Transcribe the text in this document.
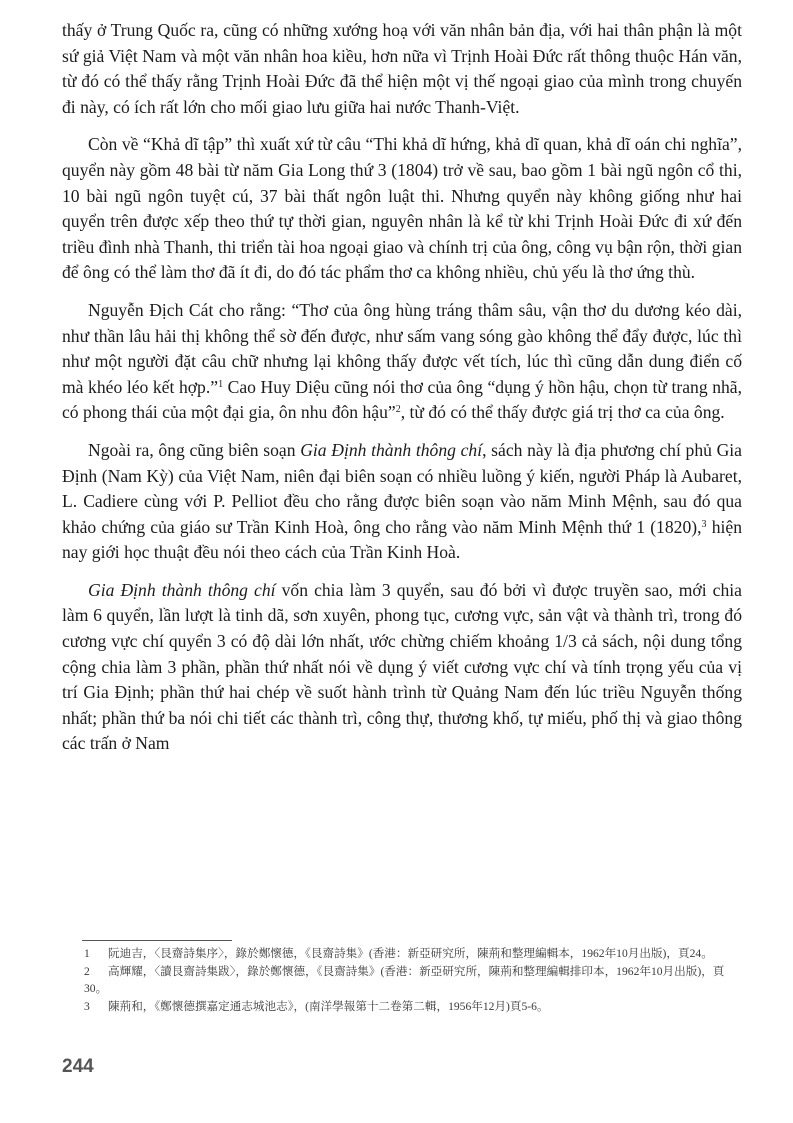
thấy ở Trung Quốc ra, cũng có những xướng hoạ với văn nhân bản địa, với hai thân phận là một sứ giả Việt Nam và một văn nhân hoa kiều, hơn nữa vì Trịnh Hoài Đức rất thông thuộc Hán văn, từ đó có thể thấy rằng Trịnh Hoài Đức đã thể hiện một vị thế ngoại giao của mình trong chuyến đi này, có ích rất lớn cho mối giao lưu giữa hai nước Thanh-Việt.

Còn về “Khả dĩ tập” thì xuất xứ từ câu “Thi khả dĩ hứng, khả dĩ quan, khả dĩ oán chi nghĩa”, quyển này gồm 48 bài từ năm Gia Long thứ 3 (1804) trở về sau, bao gồm 1 bài ngũ ngôn cổ thi, 10 bài ngũ ngôn tuyệt cú, 37 bài thất ngôn luật thi. Nhưng quyển này không giống như hai quyển trên được xếp theo thứ tự thời gian, nguyên nhân là kể từ khi Trịnh Hoài Đức đi xứ đến triều đình nhà Thanh, thi triển tài hoa ngoại giao và chính trị của ông, công vụ bận rộn, thời gian để ông có thể làm thơ đã ít đi, do đó tác phẩm thơ ca không nhiều, chủ yếu là thơ ứng thù.

Nguyễn Địch Cát cho rằng: “Thơ của ông hùng tráng thâm sâu, vận thơ du dương kéo dài, như thần lâu hải thị không thể sờ đến được, như sấm vang sóng gào không thể đẩy được, lúc thì như một người đặt câu chữ nhưng lại không thấy được vết tích, lúc thì cũng dẫn dung điển cố mà khéo léo kết hợp.”$^1$ Cao Huy Diệu cũng nói thơ của ông “dụng ý hồn hậu, chọn từ trang nhã, có phong thái của một đại gia, ôn nhu đôn hậu”$^2$, từ đó có thể thấy được giá trị thơ ca của ông.

Ngoài ra, ông cũng biên soạn Gia Định thành thông chí, sách này là địa phương chí phủ Gia Định (Nam Kỳ) của Việt Nam, niên đại biên soạn có nhiều luồng ý kiến, người Pháp là Aubaret, L. Cadiere cùng với P. Pelliot đều cho rằng được biên soạn vào năm Minh Mệnh, sau đó qua khảo chứng của giáo sư Trần Kinh Hoà, ông cho rằng vào năm Minh Mệnh thứ 1 (1820),$^3$ hiện nay giới học thuật đều nói theo cách của Trần Kinh Hoà.

Gia Định thành thông chí vốn chia làm 3 quyển, sau đó bởi vì được truyền sao, mới chia làm 6 quyển, lần lượt là tinh dã, sơn xuyên, phong tục, cương vực, sản vật và thành trì, trong đó cương vực chí quyển 3 có độ dài lớn nhất, ước chừng chiếm khoảng 1/3 cả sách, nội dung tổng cộng chia làm 3 phần, phần thứ nhất nói về dụng ý viết cương vực chí và tính trọng yếu của vị trí Gia Định; phần thứ hai chép về suốt hành trình từ Quảng Nam đến lúc triều Nguyễn thống nhất; phần thứ ba nói chi tiết các thành trì, công thự, thương khố, tự miếu, phố thị và giao thông các trấn ở Nam

1 阮迪吉，〈艮齋詩集序〉，錄於鄭懷德，《艮齋詩集》(香港：新亞研究所，陳荊和整理編輯本，1962年10月出版)，頁24。
2 高輝耀，〈讀艮齋詩集跋〉，錄於鄭懷德，《艮齋詩集》(香港：新亞研究所，陳荊和整理編輯排印本，1962年10月出版)，頁30。
3 陳荊和，《鄭懷德撰嘉定通志城池志》，(南洋學報第十二卷第二輯，1956年12月)頁5-6。
244
